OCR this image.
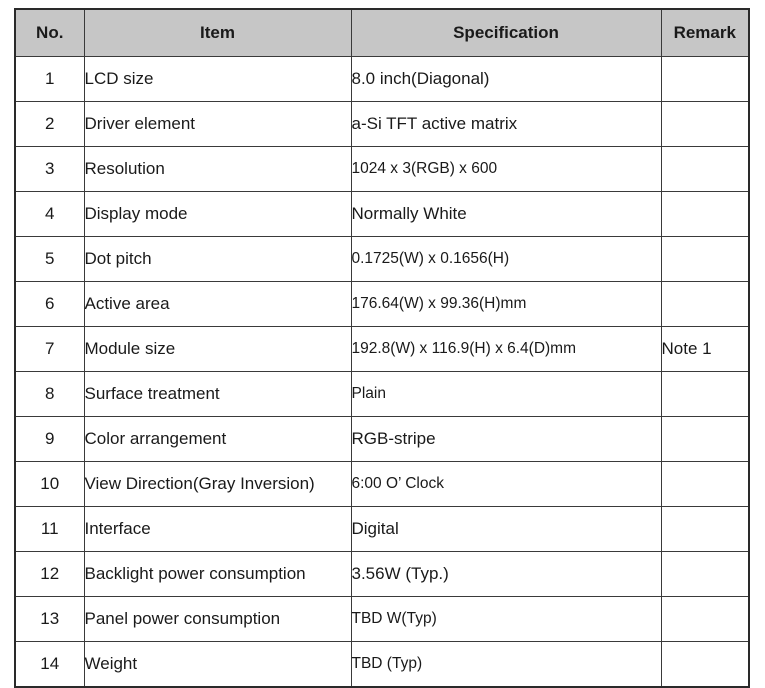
No.	Item	Specification	Remark
1	LCD size	8.0 inch(Diagonal)	
2	Driver element	a-Si TFT active matrix	
3	Resolution	1024 x 3(RGB) x 600	
4	Display mode	Normally White	
5	Dot pitch	0.1725(W) x 0.1656(H)	
6	Active area	176.64(W) x 99.36(H)mm	
7	Module size	192.8(W) x 116.9(H) x 6.4(D)mm	Note 1
8	Surface treatment	Plain	
9	Color arrangement	RGB-stripe	
10	View Direction(Gray Inversion)	6:00 O’ Clock	
11	Interface	Digital	
12	Backlight power consumption	3.56W (Typ.)	
13	Panel power consumption	TBD W(Typ)	
14	Weight	TBD (Typ)	
